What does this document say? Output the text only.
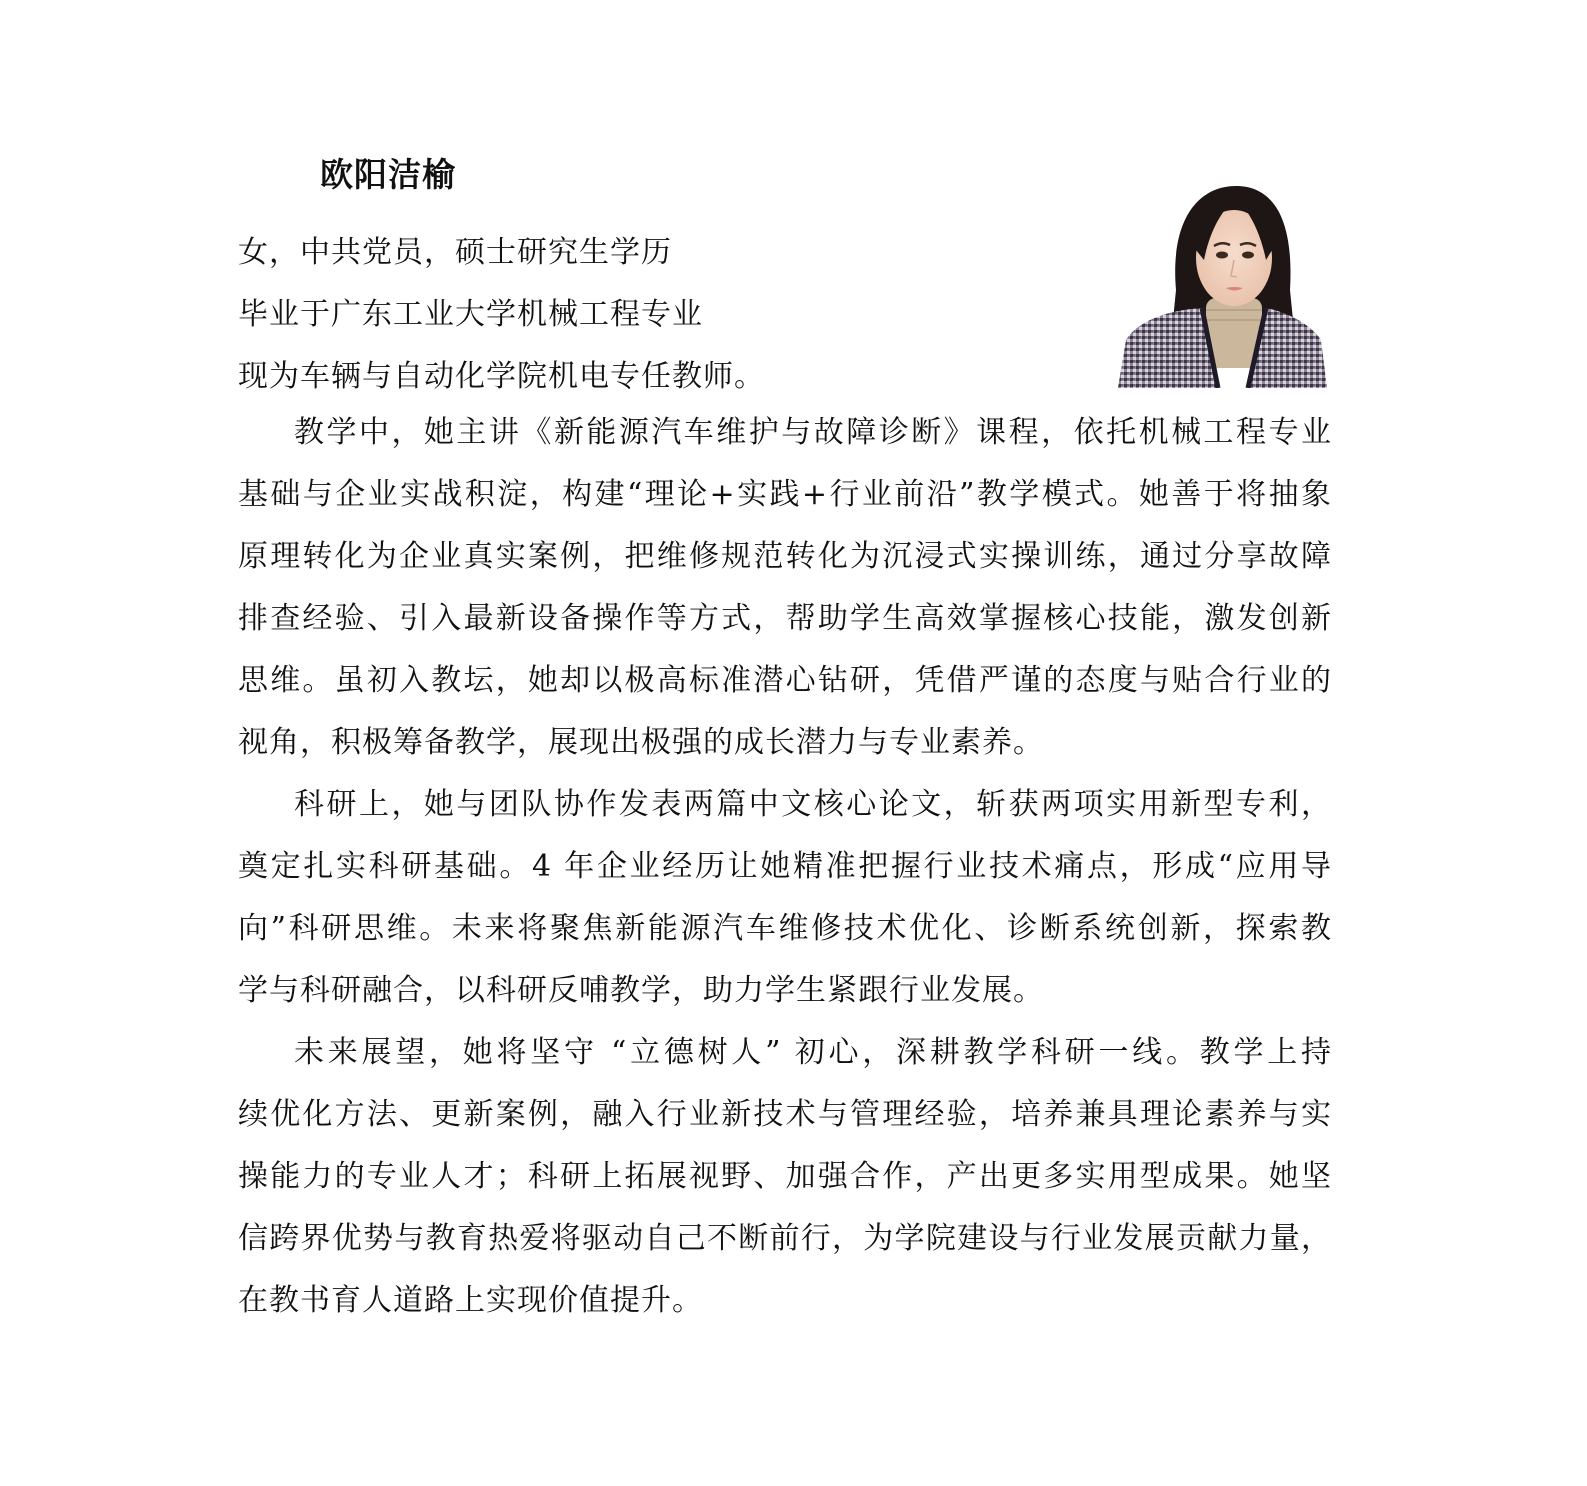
欧阳洁榆
女，中共党员，硕士研究生学历
毕业于广东工业大学机械工程专业
现为车辆与自动化学院机电专任教师。
教学中，她主讲《新能源汽车维护与故障诊断》课程，依托机械工程专业
基础与企业实战积淀，构建“理论+实践+行业前沿”教学模式。她善于将抽象
原理转化为企业真实案例，把维修规范转化为沉浸式实操训练，通过分享故障
排查经验、引入最新设备操作等方式，帮助学生高效掌握核心技能，激发创新
思维。虽初入教坛，她却以极高标准潜心钻研，凭借严谨的态度与贴合行业的
视角，积极筹备教学，展现出极强的成长潜力与专业素养。
科研上，她与团队协作发表两篇中文核心论文，斩获两项实用新型专利，
奠定扎实科研基础。4 年企业经历让她精准把握行业技术痛点，形成“应用导
向”科研思维。未来将聚焦新能源汽车维修技术优化、诊断系统创新，探索教
学与科研融合，以科研反哺教学，助力学生紧跟行业发展。
未来展望，她将坚守 “立德树人” 初心，深耕教学科研一线。教学上持
续优化方法、更新案例，融入行业新技术与管理经验，培养兼具理论素养与实
操能力的专业人才；科研上拓展视野、加强合作，产出更多实用型成果。她坚
信跨界优势与教育热爱将驱动自己不断前行，为学院建设与行业发展贡献力量，
在教书育人道路上实现价值提升。
